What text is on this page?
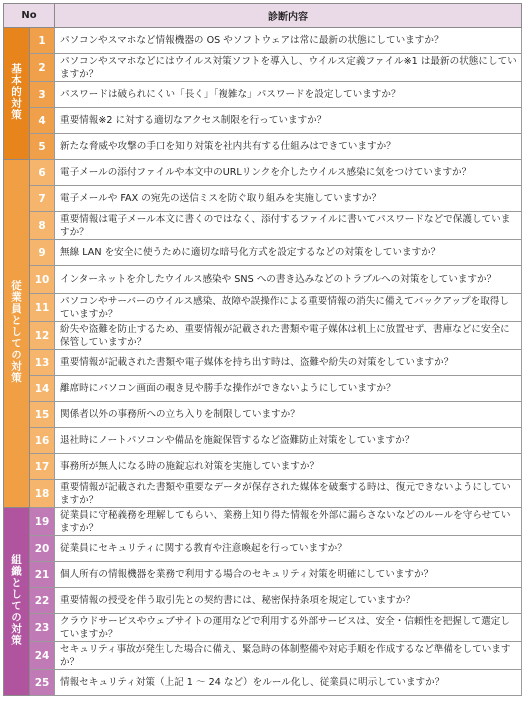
No		診断内容
基本的対策	1	パソコンやスマホなど情報機器の OS やソフトウェアは常に最新の状態にしていますか？
	2	パソコンやスマホなどにはウイルス対策ソフトを導入し、ウイルス定義ファイル※1 は最新の状態にしていますか？
	3	パスワードは破られにくい「長く」「複雑な」パスワードを設定していますか？
	4	重要情報※2 に対する適切なアクセス制限を行っていますか？
	5	新たな脅威や攻撃の手口を知り対策を社内共有する仕組みはできていますか？
従業員としての対策	6	電子メールの添付ファイルや本文中のURLリンクを介したウイルス感染に気をつけていますか？
	7	電子メールや FAX の宛先の送信ミスを防ぐ取り組みを実施していますか？
	8	重要情報は電子メール本文に書くのではなく、添付するファイルに書いてパスワードなどで保護していますか？
	9	無線 LAN を安全に使うために適切な暗号化方式を設定するなどの対策をしていますか？
	10	インターネットを介したウイルス感染や SNS への書き込みなどのトラブルへの対策をしていますか？
	11	パソコンやサーバーのウイルス感染、故障や誤操作による重要情報の消失に備えてバックアップを取得していますか？
	12	紛失や盗難を防止するため、重要情報が記載された書類や電子媒体は机上に放置せず、書庫などに安全に保管していますか？
	13	重要情報が記載された書類や電子媒体を持ち出す時は、盗難や紛失の対策をしていますか？
	14	離席時にパソコン画面の覗き見や勝手な操作ができないようにしていますか？
	15	関係者以外の事務所への立ち入りを制限していますか？
	16	退社時にノートパソコンや備品を施錠保管するなど盗難防止対策をしていますか？
	17	事務所が無人になる時の施錠忘れ対策を実施していますか？
	18	重要情報が記載された書類や重要なデータが保存された媒体を破棄する時は、復元できないようにしていますか？
組織としての対策	19	従業員に守秘義務を理解してもらい、業務上知り得た情報を外部に漏らさないなどのルールを守らせていますか？
	20	従業員にセキュリティに関する教育や注意喚起を行っていますか？
	21	個人所有の情報機器を業務で利用する場合のセキュリティ対策を明確にしていますか？
	22	重要情報の授受を伴う取引先との契約書には、秘密保持条項を規定していますか？
	23	クラウドサービスやウェブサイトの運用などで利用する外部サービスは、安全・信頼性を把握して選定していますか？
	24	セキュリティ事故が発生した場合に備え、緊急時の体制整備や対応手順を作成するなど準備をしていますか？
	25	情報セキュリティ対策（上記 1 ～ 24 など）をルール化し、従業員に明示していますか？
